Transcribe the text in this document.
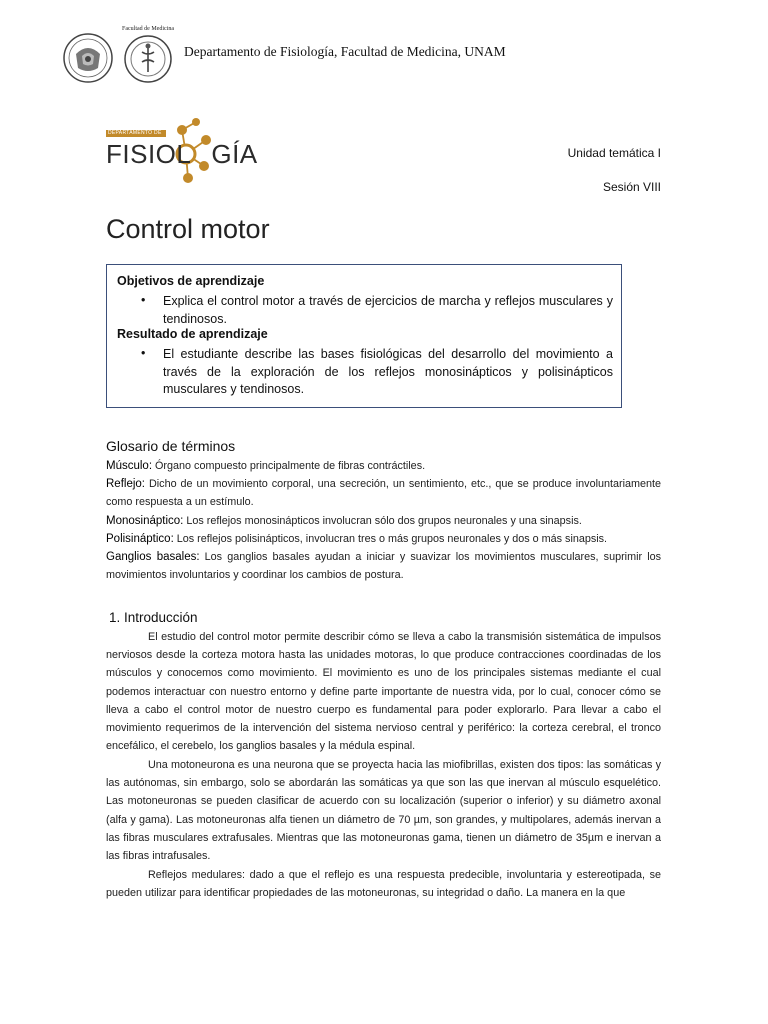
Facultad de Medicina
Departamento de Fisiología, Facultad de Medicina, UNAM
DEPARTAMENTO DE
FISIOL GÍA	Unidad temática I
Sesión VIII
Control motor
Objetivos de aprendizaje
• Explica el control motor a través de ejercicios de marcha y reflejos musculares y tendinosos.
Resultado de aprendizaje
• El estudiante describe las bases fisiológicas del desarrollo del movimiento a través de la exploración de los reflejos monosinápticos y polisinápticos musculares y tendinosos.
Glosario de términos
Músculo: Órgano compuesto principalmente de fibras contráctiles.
Reflejo: Dicho de un movimiento corporal, una secreción, un sentimiento, etc., que se produce involuntariamente como respuesta a un estímulo.
Monosináptico: Los reflejos monosinápticos involucran sólo dos grupos neuronales y una sinapsis.
Polisináptico: Los reflejos polisinápticos, involucran tres o más grupos neuronales y dos o más sinapsis.
Ganglios basales: Los ganglios basales ayudan a iniciar y suavizar los movimientos musculares, suprimir los movimientos involuntarios y coordinar los cambios de postura.
1. Introducción
El estudio del control motor permite describir cómo se lleva a cabo la transmisión sistemática de impulsos nerviosos desde la corteza motora hasta las unidades motoras, lo que produce contracciones coordinadas de los músculos y conocemos como movimiento. El movimiento es uno de los principales sistemas mediante el cual podemos interactuar con nuestro entorno y define parte importante de nuestra vida, por lo cual, conocer cómo se lleva a cabo el control motor de nuestro cuerpo es fundamental para poder explorarlo. Para llevar a cabo el movimiento requerimos de la intervención del sistema nervioso central y periférico: la corteza cerebral, el tronco encefálico, el cerebelo, los ganglios basales y la médula espinal.
Una motoneurona es una neurona que se proyecta hacia las miofibrillas, existen dos tipos: las somáticas y las autónomas, sin embargo, solo se abordarán las somáticas ya que son las que inervan al músculo esquelético. Las motoneuronas se pueden clasificar de acuerdo con su localización (superior o inferior) y su diámetro axonal (alfa y gama). Las motoneuronas alfa tienen un diámetro de 70 µm, son grandes, y multipolares, además inervan a las fibras musculares extrafusales. Mientras que las motoneuronas gama, tienen un diámetro de 35µm e inervan a las fibras intrafusales.
Reflejos medulares: dado a que el reflejo es una respuesta predecible, involuntaria y estereotipada, se pueden utilizar para identificar propiedades de las motoneuronas, su integridad o daño. La manera en la que
